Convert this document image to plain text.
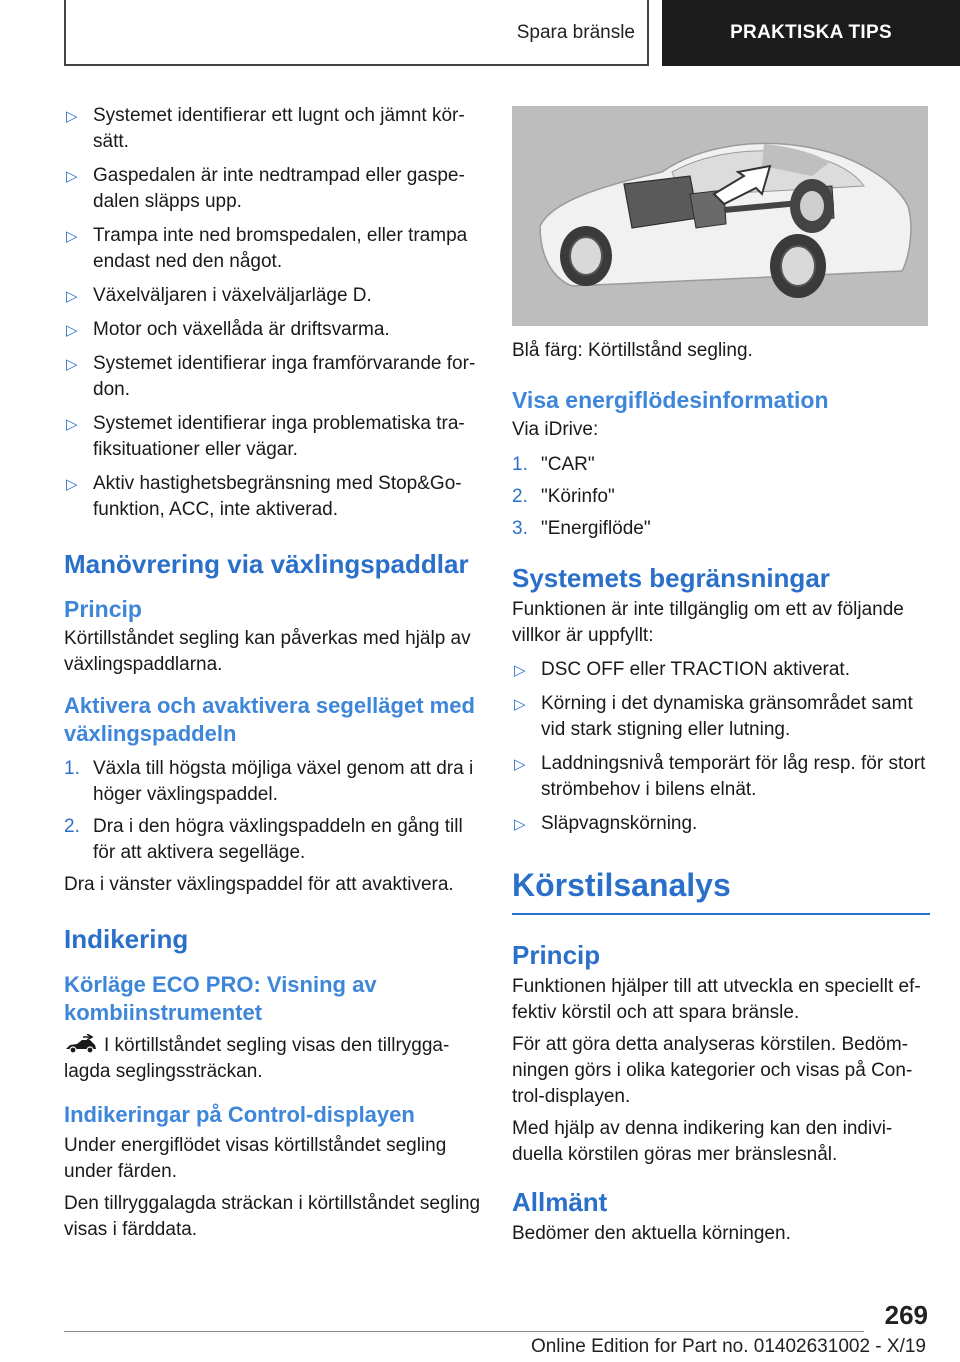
Spara bränsle	PRAKTISKA TIPS
▷ Systemet identifierar ett lugnt och jämnt kör- sätt.
▷ Gaspedalen är inte nedtrampad eller gaspe- dalen släpps upp.
▷ Trampa inte ned bromspedalen, eller trampa endast ned den något.
▷ Växelväljaren i växelväljarläge D.
▷ Motor och växellåda är driftsvarma.
▷ Systemet identifierar inga framförvarande for- don.
▷ Systemet identifierar inga problematiska tra- fiksituationer eller vägar.
▷ Aktiv hastighetsbegränsning med Stop&Go- funktion, ACC, inte aktiverad.
Manövrering via växlingspaddlar
Princip

Körtillståndet segling kan påverkas med hjälp av växlingspaddlarna.

Aktivera och avaktivera segelläget med växlingspaddeln
1. Växla till högsta möjliga växel genom att dra i höger växlingspaddel.
2. Dra i den högra växlingspaddeln en gång till för att aktivera segelläge.

Dra i vänster växlingspaddel för att avaktivera.

Indikering
Körläge ECO PRO: Visning av kombiinstrumentet

I körtillståndet segling visas den tillrygga- lagda seglingssträckan.

Indikeringar på Control-displayen

Under energiflödet visas körtillståndet segling under färden.

Den tillryggalagda sträckan i körtillståndet segling visas i färddata.

Blå färg: Körtillstånd segling.

Visa energiflödesinformation

Via iDrive:

1. "CAR"
2. "Körinfo"
3. "Energiflöde"
Systemets begränsningar

Funktionen är inte tillgänglig om ett av följande villkor är uppfyllt:

▷ DSC OFF eller TRACTION aktiverat.
▷ Körning i det dynamiska gränsområdet samt vid stark stigning eller lutning.
▷ Laddningsnivå temporärt för låg resp. för stort strömbehov i bilens elnät.
▷ Släpvagnskörning.
Körstilsanalys
Princip

Funktionen hjälper till att utveckla en speciellt ef- fektiv körstil och att spara bränsle.

För att göra detta analyseras körstilen. Bedöm- ningen görs i olika kategorier och visas på Con- trol-displayen.

Med hjälp av denna indikering kan den indivi- duella körstilen göras mer bränslesnål.

Allmänt

Bedömer den aktuella körningen.

269
Online Edition for Part no. 01402631002 - X/19
